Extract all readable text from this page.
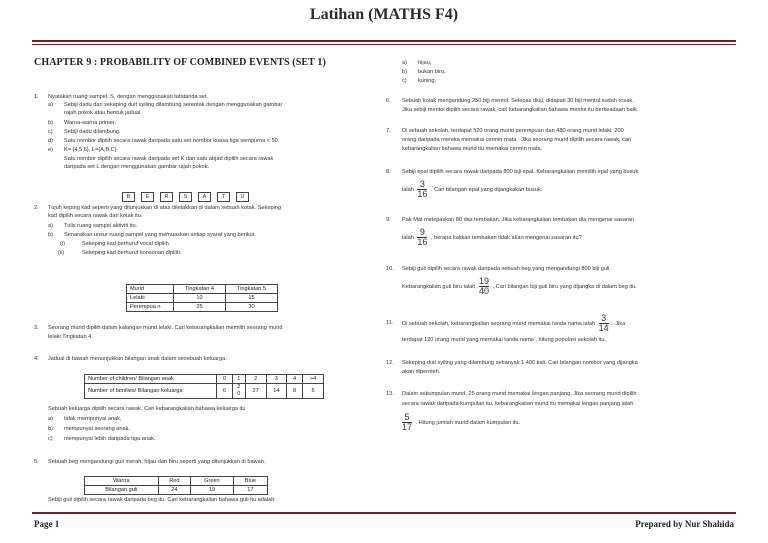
Latihan (MATHS F4)
CHAPTER 9 : PROBABILITY OF COMBINED EVENTS (SET 1)
1. Nyatakan ruang sampel, S, dengan menggunakan tatatanda set.
a) Sebiji dadu dan sekeping duit syiling dilambung serentak dengan menggunakan gambar
rajah pokok atau bentuk jadual.
b) Warna-warna primer.
c) Sebiji dadu dilambung.
d) Satu nombor dipilih secara rawak daripada satu set nombor kuasa tiga sempurna < 50.
e) K= {4,5,6}, L={A,B,C}
Satu nombor dipilih secara rawak daripada set K dan satu abjad dipilih secara rawak
daripada set L dengan menggunakan gambar rajah pokok.
B	E	R	S	A	T	U
2. Tujuh keping kad seperti yang ditunjukkan di atas diletakkan di dalam sebuah kotak. Sekeping
kad dipilih secara rawak dari kotak itu.
a) Tulis ruang sampel aktiviti itu.
b) Senaraikan unsur ruang sampel yang memuaskan setiap syarat yang berikut.
(i)	Sekeping kad berhuruf vocal dipilih.
(ii)	Sekeping kad berhuruf konsonan dipilih.
Murid	Tingkatan 4	Tingkatan 5
Lelaki	10	15
Perempua n	25	30
3. Seorang murid dipilih dalam kalangan murid lelaki. Cari kebarangkalian memilih seorang murid
lelaki Tingkatan 4.
4. Jadual di bawah menunjukkan bilangan anak dalam sesebuah keluarga.
Number of children/ Bilangan anak	0	1	2	3	4	>4
Number of families/ Bilangan keluarga	6	2 0	27	14	8	5
Sebuah keluarga dipilih secara rawak. Cari kebarangkalian bahawa keluarga itu
a) tidak mempunyai anak,
b) mempunyai seorang anak,
c) mempunyai lebih daripada tiga anak.
5. Sebuah beg mengandungi guli merah, hijau dan biru seperti yang ditunjukkan di bawah.
Warna	Red	Green	Blue
Bilangan guli	24	19	17
Sebiji guli dipilih secara rawak daripada beg itu. Cari kebarangkalian bahawa guli itu adalah
a) hijau,
b) bukan biru,
c) kuning.
6. Sebuah kotak mengandung 250 biji mentol. Selepas diuji, didapati 30 biji mentol sudah rosak.
Jika sebiji mentol dipilih secara rawak, cari kebarangkalian bahawa mentol itu berkeadaan baik.
7. Di sebuah sekolah, terdapat 520 orang murid perempuan dan 480 orang murid lelaki. 200
orang daripada mereka memakai cermin mata . Jika seorang murid dipilih secara rawak, cari
kebarangkalian bahawa murid itu memakai cermin mata.
8. Sebiji epal dipilih secara rawak daripada 800 biji epal. Kebarangkalian memilih epal yang busuk
ialah $\frac{3}{16}$ . Cari bilangan epal yang dijangkakan busuk.
9. Pak Mat melepaskan 80 das tembakan. Jika kebarangkalian tembakan dia mengenai sasaran
ialah $\frac{9}{16}$ , berapa kalikan tembakan tidak akan mengenai sasaran itu?
10. Sebiji guli dipilih secara rawak daripada sebuah beg yang mengandungi 800 biji guli.
Kebarangkalian guli biru ialah $\frac{19}{40}$ . Cari bilangan biji guli biru yang dijangka di dalam beg itu.
11. Di sebuah sekolah, kebarangkalian seorang murid memakai tanda nama ialah $\frac{3}{14}$ . Jika
terdapat 120 orang murid yang memakai tanda nama , hitung populasi sekolah itu.
12. Sekeping duit syiling yang dilambung sebanyak 1 400 kali. Cari bilangan nombor yang dijangka
akan diperoleh.
13. Dalam sekumpulan murid, 25 orang murid memakai lengan panjang. Jika seorang murid dipilih
secara rawak daripada kumpulan itu, kebarangkalian murid itu memakai lengan panjang ialah
$\frac{5}{17}$ . Hitung jumlah murid dalam kumpulan itu.
Page 1	Prepared by Nur Shahida
